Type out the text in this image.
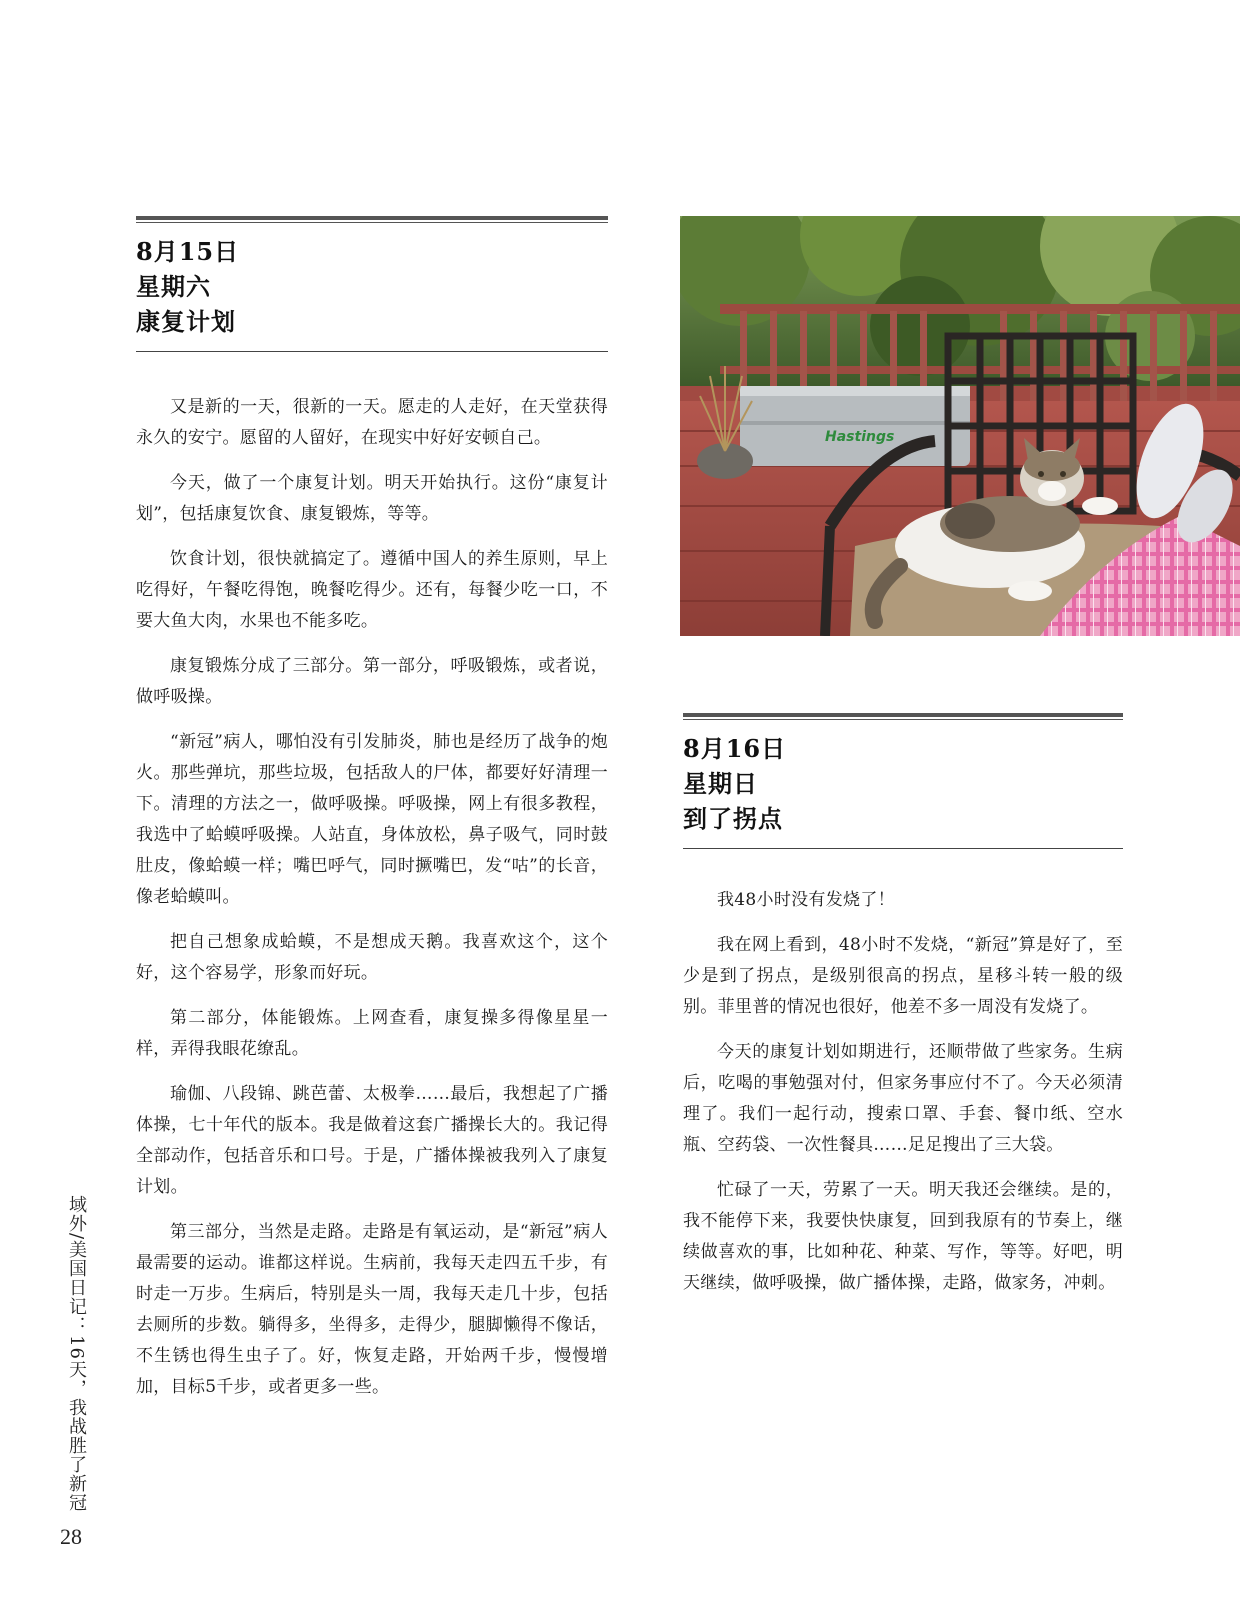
8月15日
星期六
康复计划

又是新的一天，很新的一天。愿走的人走好，在天堂获得永久的安宁。愿留的人留好，在现实中好好安顿自己。

今天，做了一个康复计划。明天开始执行。这份“康复计划”，包括康复饮食、康复锻炼，等等。

饮食计划，很快就搞定了。遵循中国人的养生原则，早上吃得好，午餐吃得饱，晚餐吃得少。还有，每餐少吃一口，不要大鱼大肉，水果也不能多吃。

康复锻炼分成了三部分。第一部分，呼吸锻炼，或者说，做呼吸操。

“新冠”病人，哪怕没有引发肺炎，肺也是经历了战争的炮火。那些弹坑，那些垃圾，包括敌人的尸体，都要好好清理一下。清理的方法之一，做呼吸操。呼吸操，网上有很多教程，我选中了蛤蟆呼吸操。人站直，身体放松，鼻子吸气，同时鼓肚皮，像蛤蟆一样；嘴巴呼气，同时撅嘴巴，发“咕”的长音，像老蛤蟆叫。

把自己想象成蛤蟆，不是想成天鹅。我喜欢这个，这个好，这个容易学，形象而好玩。

第二部分，体能锻炼。上网查看，康复操多得像星星一样，弄得我眼花缭乱。

瑜伽、八段锦、跳芭蕾、太极拳……最后，我想起了广播体操，七十年代的版本。我是做着这套广播操长大的。我记得全部动作，包括音乐和口号。于是，广播体操被我列入了康复计划。

第三部分，当然是走路。走路是有氧运动，是“新冠”病人最需要的运动。谁都这样说。生病前，我每天走四五千步，有时走一万步。生病后，特别是头一周，我每天走几十步，包括去厕所的步数。躺得多，坐得多，走得少，腿脚懒得不像话，不生锈也得生虫子了。好，恢复走路，开始两千步，慢慢增加，目标5千步，或者更多一些。

Hastings
8月16日
星期日
到了拐点

我48小时没有发烧了！

我在网上看到，48小时不发烧，“新冠”算是好了，至少是到了拐点，是级别很高的拐点，星移斗转一般的级别。菲里普的情况也很好，他差不多一周没有发烧了。

今天的康复计划如期进行，还顺带做了些家务。生病后，吃喝的事勉强对付，但家务事应付不了。今天必须清理了。我们一起行动，搜索口罩、手套、餐巾纸、空水瓶、空药袋、一次性餐具……足足搜出了三大袋。

忙碌了一天，劳累了一天。明天我还会继续。是的，我不能停下来，我要快快康复，回到我原有的节奏上，继续做喜欢的事，比如种花、种菜、写作，等等。好吧，明天继续，做呼吸操，做广播体操，走路，做家务，冲刺。

域外/美国日记：16天，我战胜了新冠
28
